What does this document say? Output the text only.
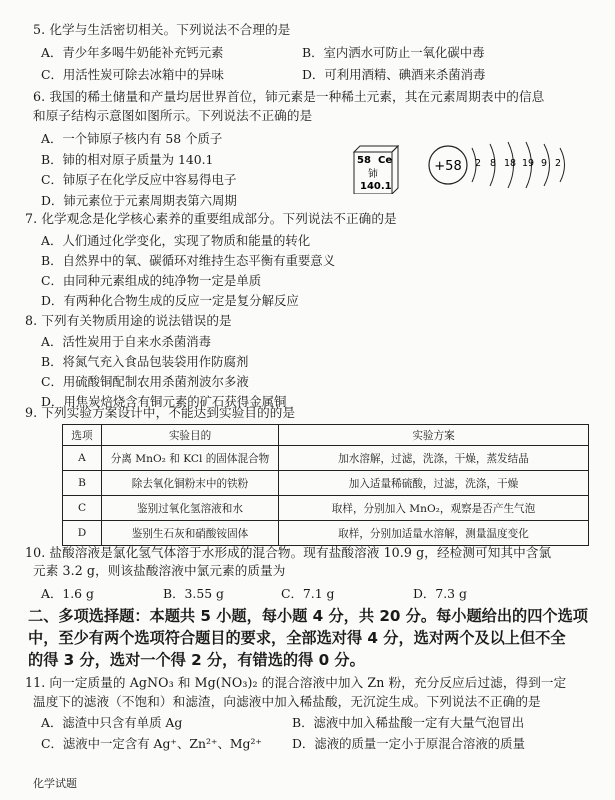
5. 化学与生活密切相关。下列说法不合理的是
A．青少年多喝牛奶能补充钙元素	B．室内洒水可防止一氧化碳中毒
C．用活性炭可除去冰箱中的异味	D．可利用酒精、碘酒来杀菌消毒
6. 我国的稀土储量和产量均居世界首位，铈元素是一种稀土元素，其在元素周期表中的信息
和原子结构示意图如图所示。下列说法不正确的是
A．一个铈原子核内有 58 个质子
B．铈的相对原子质量为 140.1
C．铈原子在化学反应中容易得电子
D．铈元素位于元素周期表第六周期
58 Ce
铈
140.1
+58 2 8 18 19 9 2
7. 化学观念是化学核心素养的重要组成部分。下列说法不正确的是
A．人们通过化学变化，实现了物质和能量的转化
B．自然界中的氧、碳循环对维持生态平衡有重要意义
C．由同种元素组成的纯净物一定是单质
D．有两种化合物生成的反应一定是复分解反应
8. 下列有关物质用途的说法错误的是
A．活性炭用于自来水杀菌消毒
B．将氮气充入食品包装袋用作防腐剂
C．用硫酸铜配制农用杀菌剂波尔多液
D．用焦炭焙烧含有铜元素的矿石获得金属铜
9. 下列实验方案设计中，不能达到实验目的的是
选项	实验目的	实验方案
A	分离 MnO₂ 和 KCl 的固体混合物	加水溶解，过滤，洗涤，干燥，蒸发结晶
B	除去氧化铜粉末中的铁粉	加入适量稀硫酸，过滤，洗涤，干燥
C	鉴别过氧化氢溶液和水	取样，分别加入 MnO₂，观察是否产生气泡
D	鉴别生石灰和硝酸铵固体	取样，分别加适量水溶解，测量温度变化
10. 盐酸溶液是氯化氢气体溶于水形成的混合物。现有盐酸溶液 10.9 g，经检测可知其中含氯
元素 3.2 g，则该盐酸溶液中氯元素的质量为
A．1.6 g	B．3.55 g	C．7.1 g	D．7.3 g
二、多项选择题：本题共 5 小题，每小题 4 分，共 20 分。每小题给出的四个选项
中，至少有两个选项符合题目的要求，全部选对得 4 分，选对两个及以上但不全
的得 3 分，选对一个得 2 分，有错选的得 0 分。
11. 向一定质量的 AgNO₃ 和 Mg(NO₃)₂ 的混合溶液中加入 Zn 粉，充分反应后过滤，得到一定
温度下的滤液（不饱和）和滤渣，向滤液中加入稀盐酸，无沉淀生成。下列说法不正确的是
A．滤渣中只含有单质 Ag	B．滤液中加入稀盐酸一定有大量气泡冒出
C．滤液中一定含有 Ag⁺、Zn²⁺、Mg²⁺ D．滤液的质量一定小于原混合溶液的质量
化学试题
